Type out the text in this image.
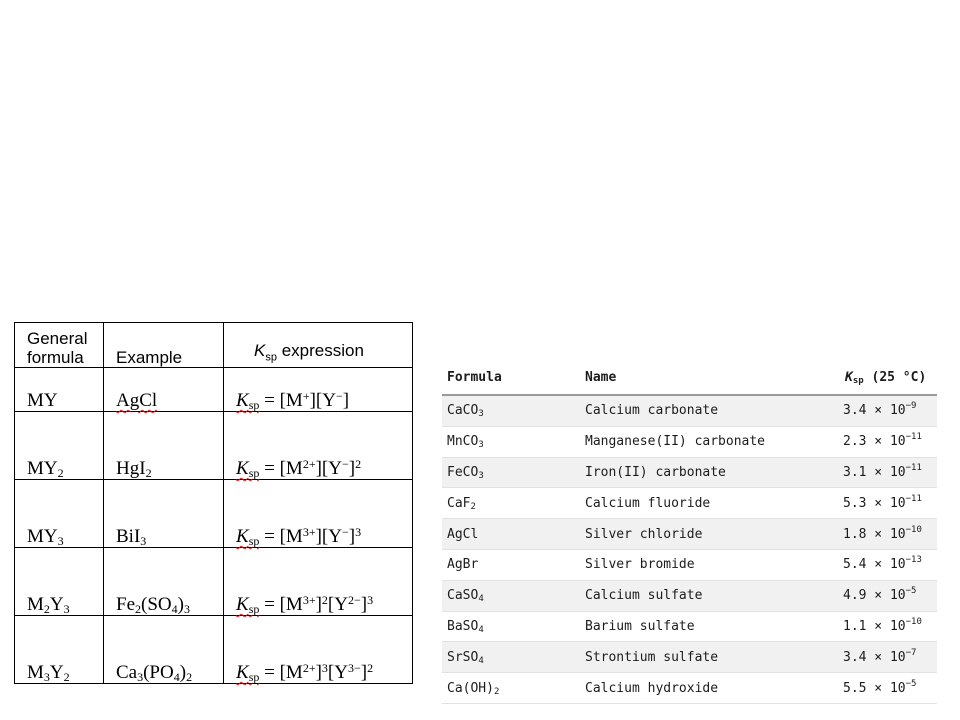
General formula	Example	$K_{sp}$ expression
MY	AgCl	$K_{sp} = [M^+][Y^-]$
$MY_2$	HgI$_2$	$K_{sp} = [M^{2+}][Y^-]^2$
$MY_3$	BiI$_3$	$K_{sp} = [M^{3+}][Y^-]^3$
$M_2Y_3$	$Fe_2(SO_4)_3$	$K_{sp} = [M^{3+}]^2[Y^{2-}]^3$
$M_3Y_2$	$Ca_3(PO_4)_2$	$K_{sp} = [M^{2+}]^3[Y^{3-}]^2$
Formula	Name	$K_{sp}$ (25 °C)
CaCO$_3$	Calcium carbonate	$3.4 \times 10^{-9}$
MnCO$_3$	Manganese(II) carbonate	$2.3 \times 10^{-11}$
FeCO$_3$	Iron(II) carbonate	$3.1 \times 10^{-11}$
CaF$_2$	Calcium fluoride	$5.3 \times 10^{-11}$
AgCl	Silver chloride	$1.8 \times 10^{-10}$
AgBr	Silver bromide	$5.4 \times 10^{-13}$
CaSO$_4$	Calcium sulfate	$4.9 \times 10^{-5}$
BaSO$_4$	Barium sulfate	$1.1 \times 10^{-10}$
SrSO$_4$	Strontium sulfate	$3.4 \times 10^{-7}$
$Ca(OH)_2$	Calcium hydroxide	$5.5 \times 10^{-5}$
